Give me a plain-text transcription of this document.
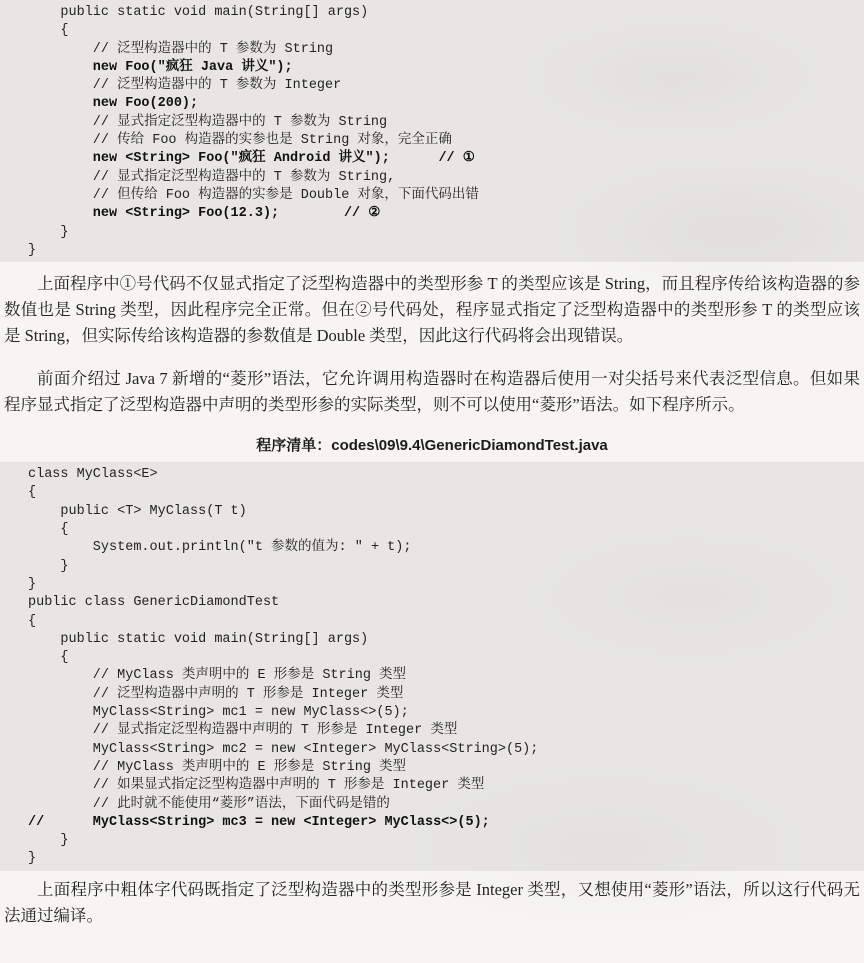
public static void main(String[] args)
{
// 泛型构造器中的 T 参数为 String
new Foo("疯狂 Java 讲义");
// 泛型构造器中的 T 参数为 Integer
new Foo(200);
// 显式指定泛型构造器中的 T 参数为 String
// 传给 Foo 构造器的实参也是 String 对象，完全正确
new <String> Foo("疯狂 Android 讲义");      // ①
// 显式指定泛型构造器中的 T 参数为 String,
// 但传给 Foo 构造器的实参是 Double 对象，下面代码出错
new <String> Foo(12.3);        // ②
}
}

上面程序中①号代码不仅显式指定了泛型构造器中的类型形参 T 的类型应该是 String，而且程序传给该构造器的参数值也是 String 类型，因此程序完全正常。但在②号代码处，程序显式指定了泛型构造器中的类型形参 T 的类型应该是 String，但实际传给该构造器的参数值是 Double 类型，因此这行代码将会出现错误。

前面介绍过 Java 7 新增的“菱形”语法，它允许调用构造器时在构造器后使用一对尖括号来代表泛型信息。但如果程序显式指定了泛型构造器中声明的类型形参的实际类型，则不可以使用“菱形”语法。如下程序所示。

程序清单：codes\09\9.4\GenericDiamondTest.java
class MyClass<E>
{
public <T> MyClass(T t)
{
System.out.println("t 参数的值为: " + t);
}
}
public class GenericDiamondTest
{
public static void main(String[] args)
{
// MyClass 类声明中的 E 形参是 String 类型
// 泛型构造器中声明的 T 形参是 Integer 类型
MyClass<String> mc1 = new MyClass<>(5);
// 显式指定泛型构造器中声明的 T 形参是 Integer 类型
MyClass<String> mc2 = new <Integer> MyClass<String>(5);
// MyClass 类声明中的 E 形参是 String 类型
// 如果显式指定泛型构造器中声明的 T 形参是 Integer 类型
// 此时就不能使用“菱形”语法，下面代码是错的
//      MyClass<String> mc3 = new <Integer> MyClass<>(5);
}
}

上面程序中粗体字代码既指定了泛型构造器中的类型形参是 Integer 类型，又想使用“菱形”语法，所以这行代码无法通过编译。
